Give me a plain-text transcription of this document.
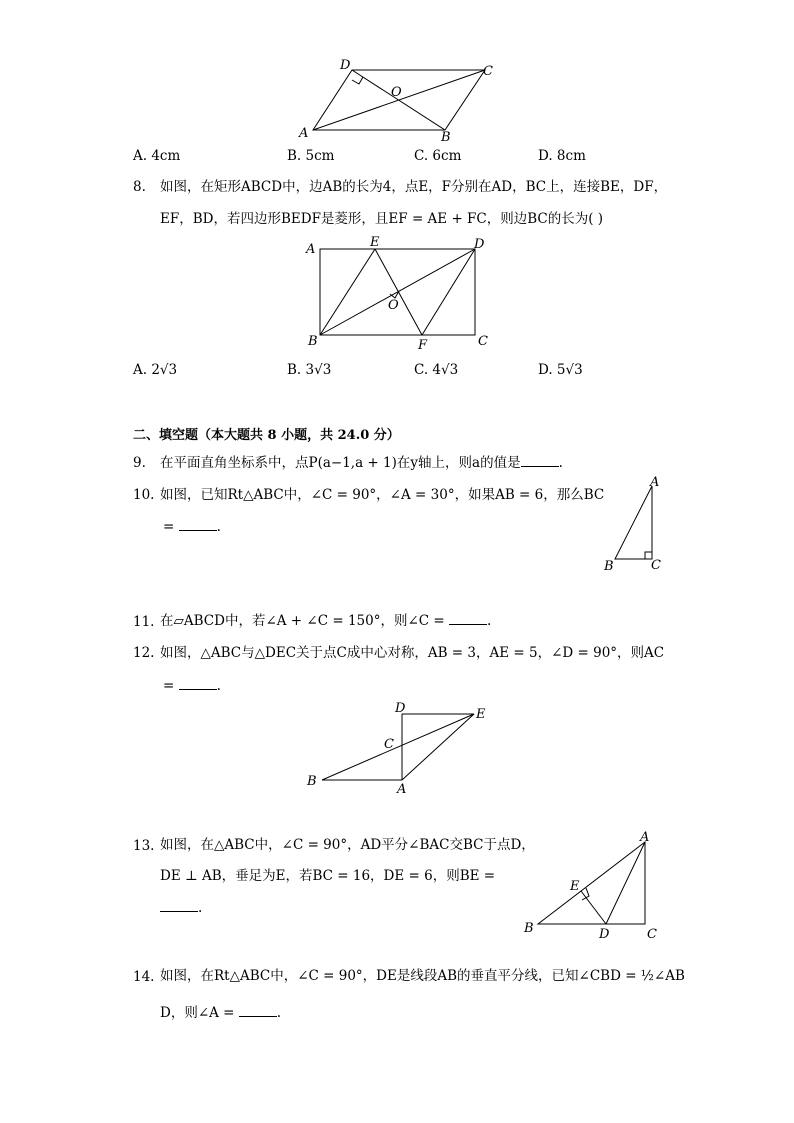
D	C
O
A	B
A. 4cm	B. 5cm	C. 6cm	D. 8cm
8. 如图，在矩形ABCD中，边AB的长为4，点E，F分别在AD，BC上，连接BE，DF，
EF，BD，若四边形BEDF是菱形，且EF = AE + FC，则边BC的长为( )
A	E	D
O
B	F	C
A. 2√3	B. 3√3	C. 4√3	D. 5√3
二、填空题（本大题共 8 小题，共 24.0 分）
9. 在平面直角坐标系中，点P(a−1,a + 1)在y轴上，则a的值是	.
10. 如图，已知Rt△ABC中，∠C = 90°，∠A = 30°，如果AB = 6，那么BC
=	.
A
B	C
11. 在▱ABCD中，若∠A + ∠C = 150°，则∠C =	.
12. 如图，△ABC与△DEC关于点C成中心对称，AB = 3，AE = 5，∠D = 90°，则AC
=	.
D	E
C
B
A
13. 如图，在△ABC中，∠C = 90°，AD平分∠BAC交BC于点D，
DE ⊥ AB，垂足为E，若BC = 16，DE = 6，则BE =
.
A
E
B	D	C
14. 如图，在Rt△ABC中，∠C = 90°，DE是线段AB的垂直平分线，已知∠CBD = ½∠AB
D，则∠A =	.
